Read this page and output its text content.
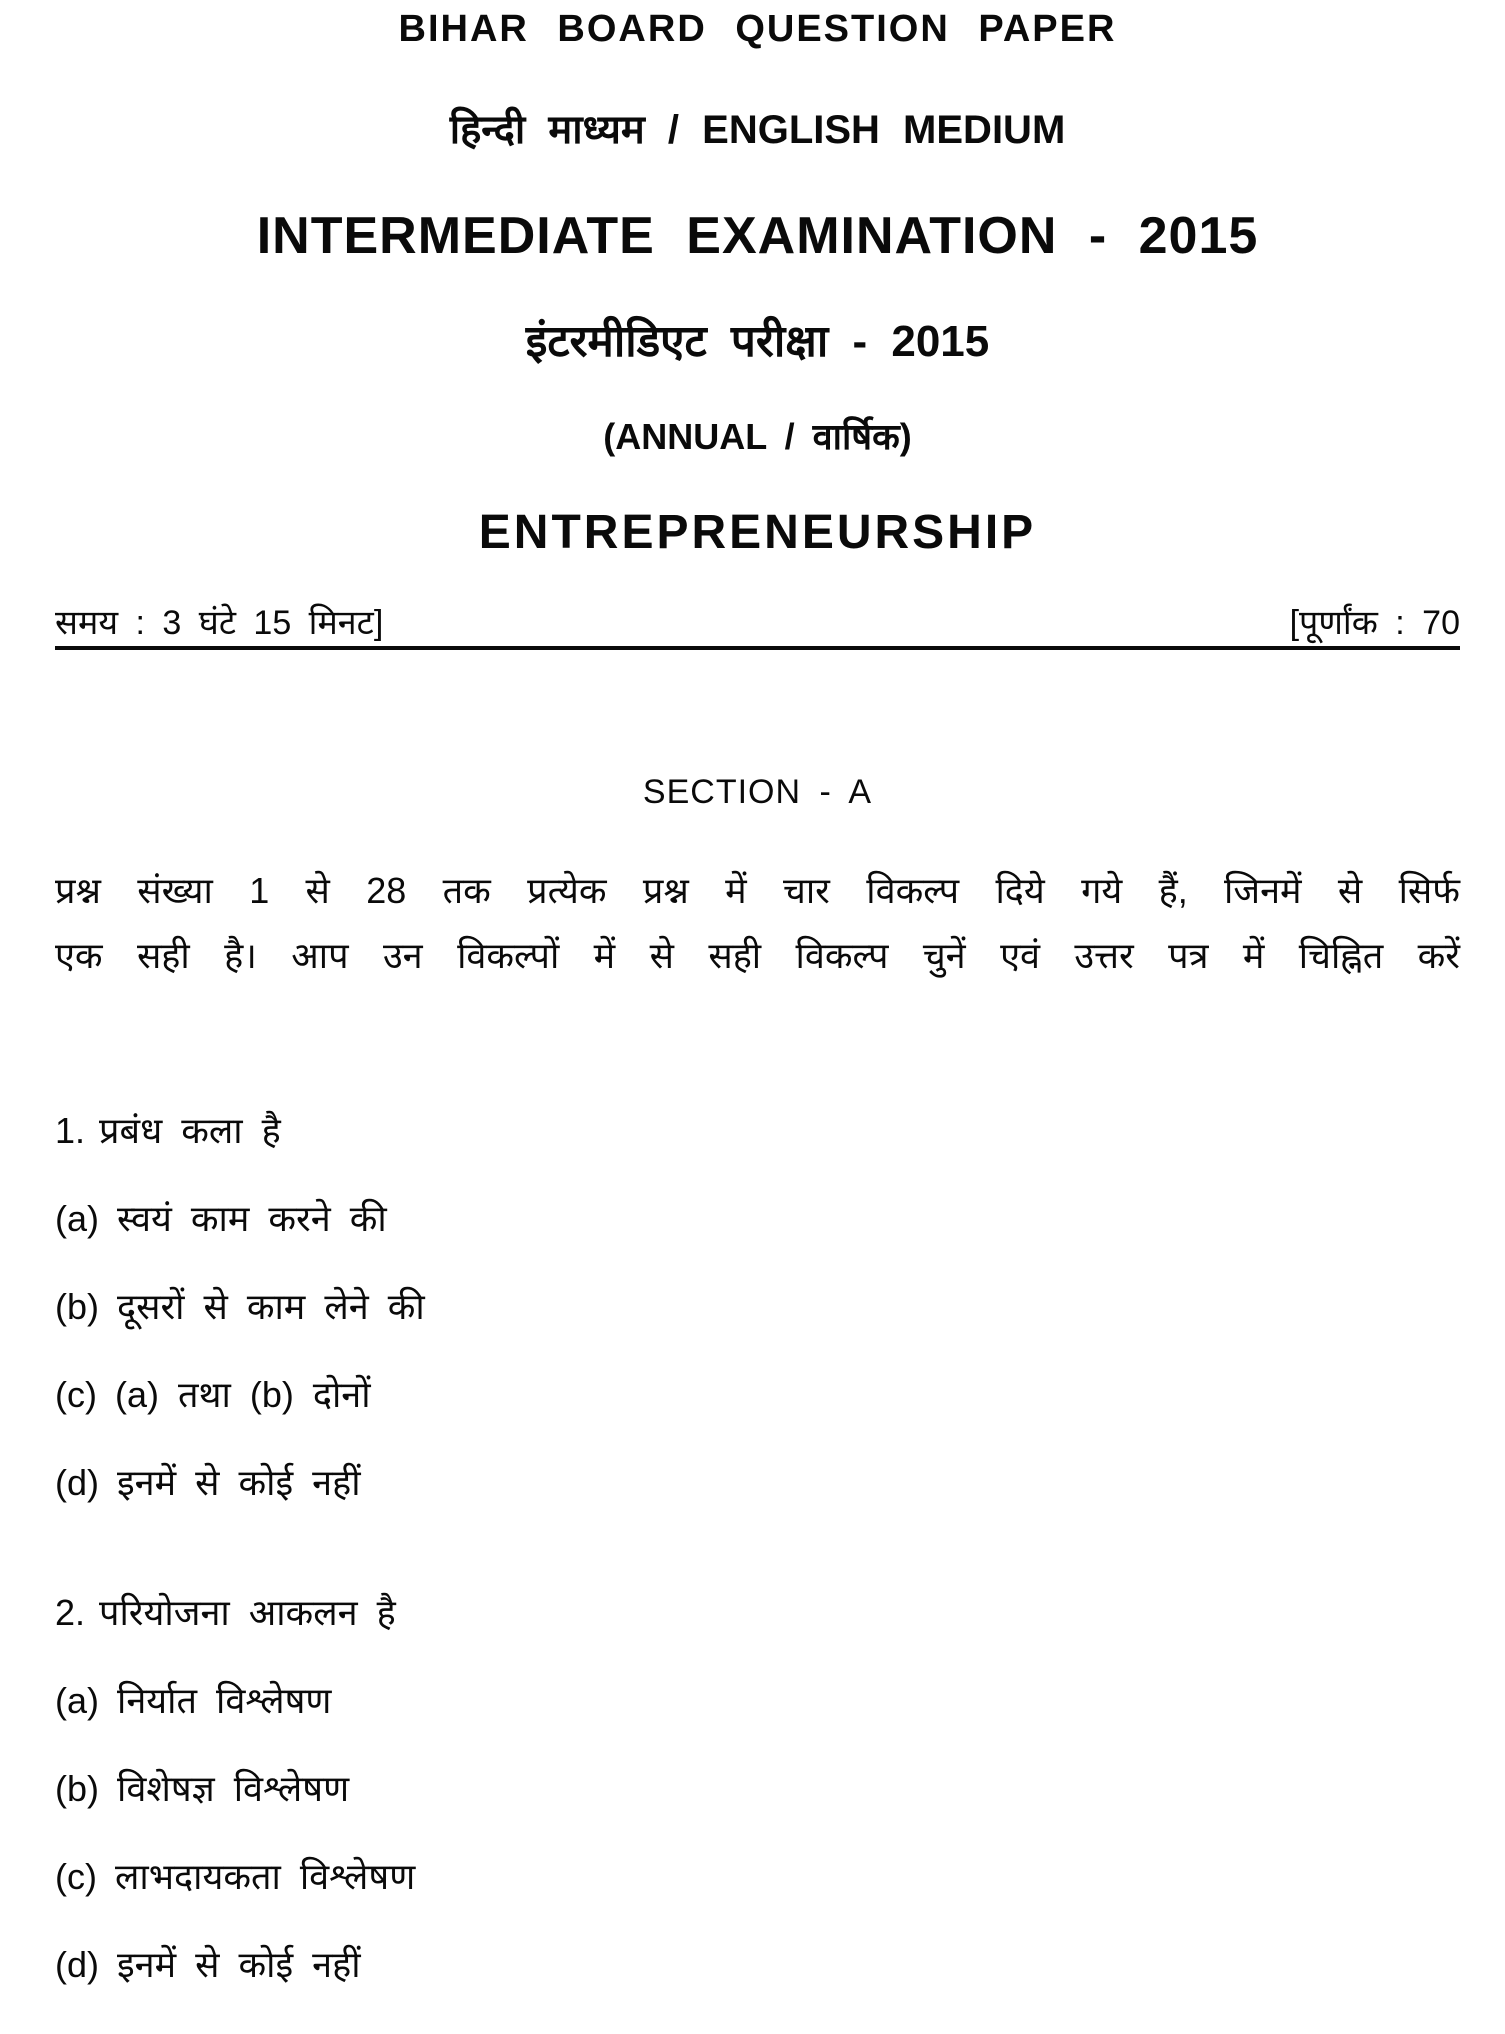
BIHAR BOARD QUESTION PAPER
हिन्दी माध्यम / ENGLISH MEDIUM
INTERMEDIATE EXAMINATION - 2015
इंटरमीडिएट परीक्षा - 2015
(ANNUAL / वार्षिक)
ENTREPRENEURSHIP
समय : 3 घंटे 15 मिनट]	[पूर्णांक : 70
SECTION - A
प्रश्न संख्या 1 से 28 तक प्रत्येक प्रश्न में चार विकल्प दिये गये हैं, जिनमें से सिर्फ
एक सही है। आप उन विकल्पों में से सही विकल्प चुनें एवं उत्तर पत्र में चिह्नित करें
1. प्रबंध कला है
(a) स्वयं काम करने की
(b) दूसरों से काम लेने की
(c) (a) तथा (b) दोनों
(d) इनमें से कोई नहीं
2. परियोजना आकलन है
(a) निर्यात विश्लेषण
(b) विशेषज्ञ विश्लेषण
(c) लाभदायकता विश्लेषण
(d) इनमें से कोई नहीं
